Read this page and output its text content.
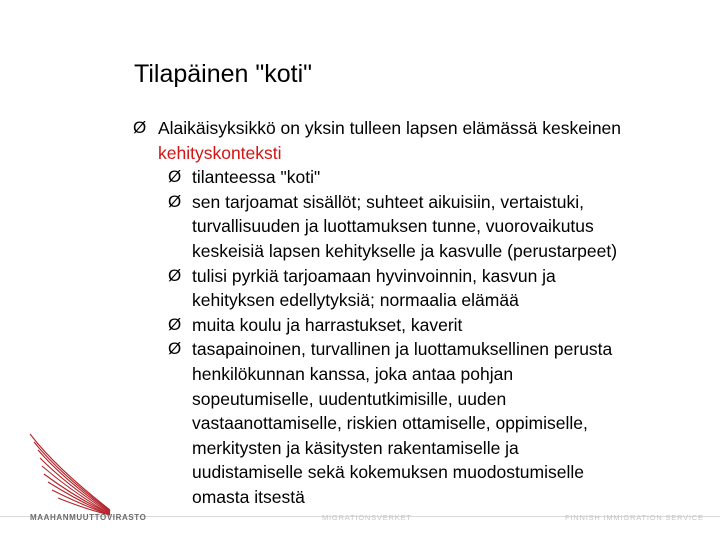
Tilapäinen "koti"
Ø Alaikäisyksikkö on yksin tulleen lapsen elämässä keskeinen
kehityskonteksti
Ø tilanteessa "koti"
Ø sen tarjoamat sisällöt; suhteet aikuisiin, vertaistuki,
turvallisuuden ja luottamuksen tunne, vuorovaikutus
keskeisiä lapsen kehitykselle ja kasvulle (perustarpeet)
Ø tulisi pyrkiä tarjoamaan hyvinvoinnin, kasvun ja
kehityksen edellytyksiä; normaalia elämää
Ø muita koulu ja harrastukset, kaverit
Ø tasapainoinen, turvallinen ja luottamuksellinen perusta
henkilökunnan kanssa, joka antaa pohjan
sopeutumiselle, uudentutkimisille, uuden
vastaanottamiselle, riskien ottamiselle, oppimiselle,
merkitysten ja käsitysten rakentamiselle ja
uudistamiselle sekä kokemuksen muodostumiselle
omasta itsestä
MAAHANMUUTTOVIRASTO	MIGRATIONSVERKET	FINNISH IMMIGRATION SERVICE
